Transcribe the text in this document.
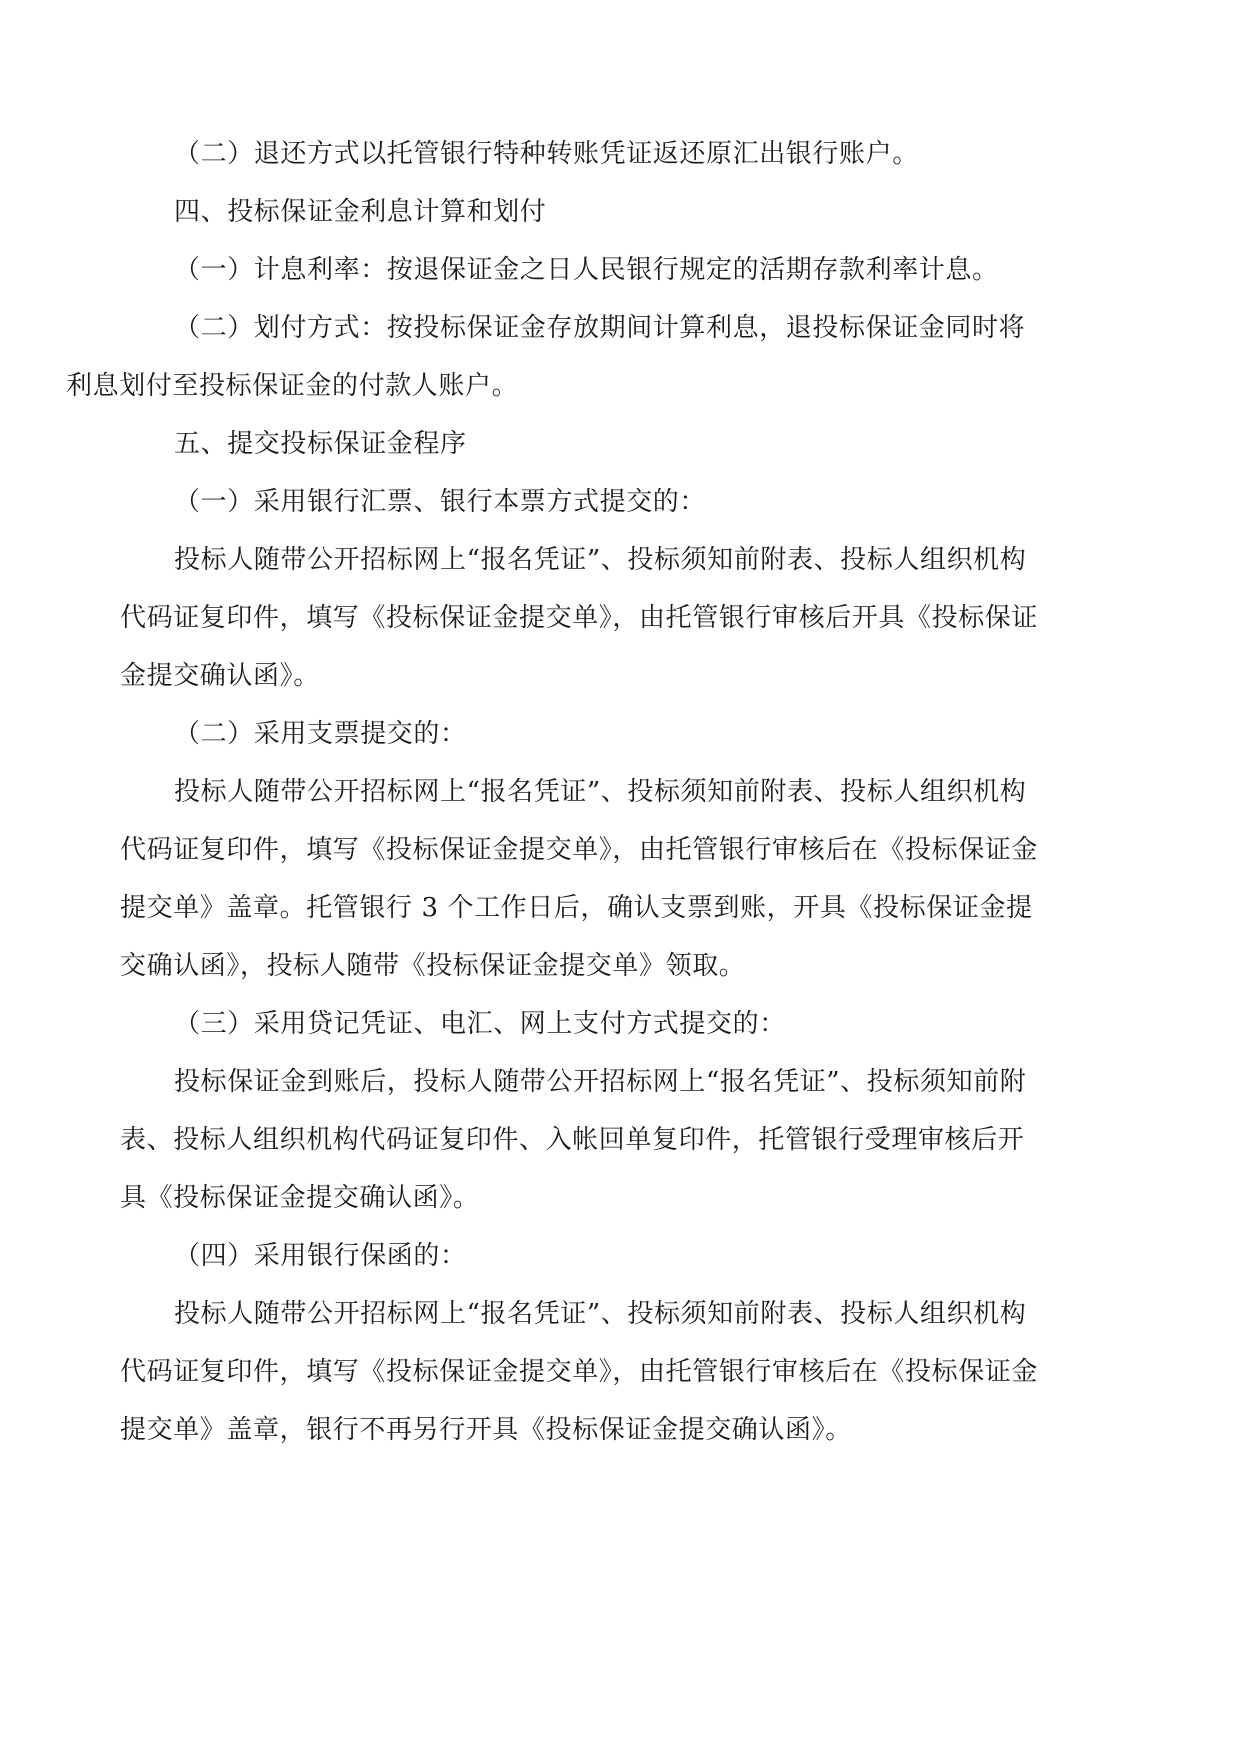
（二）退还方式以托管银行特种转账凭证返还原汇出银行账户。

四、投标保证金利息计算和划付

（一）计息利率：按退保证金之日人民银行规定的活期存款利率计息。

（二）划付方式：按投标保证金存放期间计算利息，退投标保证金同时将
利息划付至投标保证金的付款人账户。

五、提交投标保证金程序

（一）采用银行汇票、银行本票方式提交的：

投标人随带公开招标网上“报名凭证”、投标须知前附表、投标人组织机构
代码证复印件，填写《投标保证金提交单》，由托管银行审核后开具《投标保证
金提交确认函》。

（二）采用支票提交的：

投标人随带公开招标网上“报名凭证”、投标须知前附表、投标人组织机构
代码证复印件，填写《投标保证金提交单》，由托管银行审核后在《投标保证金
提交单》盖章。托管银行 3 个工作日后，确认支票到账，开具《投标保证金提
交确认函》，投标人随带《投标保证金提交单》领取。

（三）采用贷记凭证、电汇、网上支付方式提交的：

投标保证金到账后，投标人随带公开招标网上“报名凭证”、投标须知前附
表、投标人组织机构代码证复印件、入帐回单复印件，托管银行受理审核后开
具《投标保证金提交确认函》。

（四）采用银行保函的：

投标人随带公开招标网上“报名凭证”、投标须知前附表、投标人组织机构
代码证复印件，填写《投标保证金提交单》，由托管银行审核后在《投标保证金
提交单》盖章，银行不再另行开具《投标保证金提交确认函》。
